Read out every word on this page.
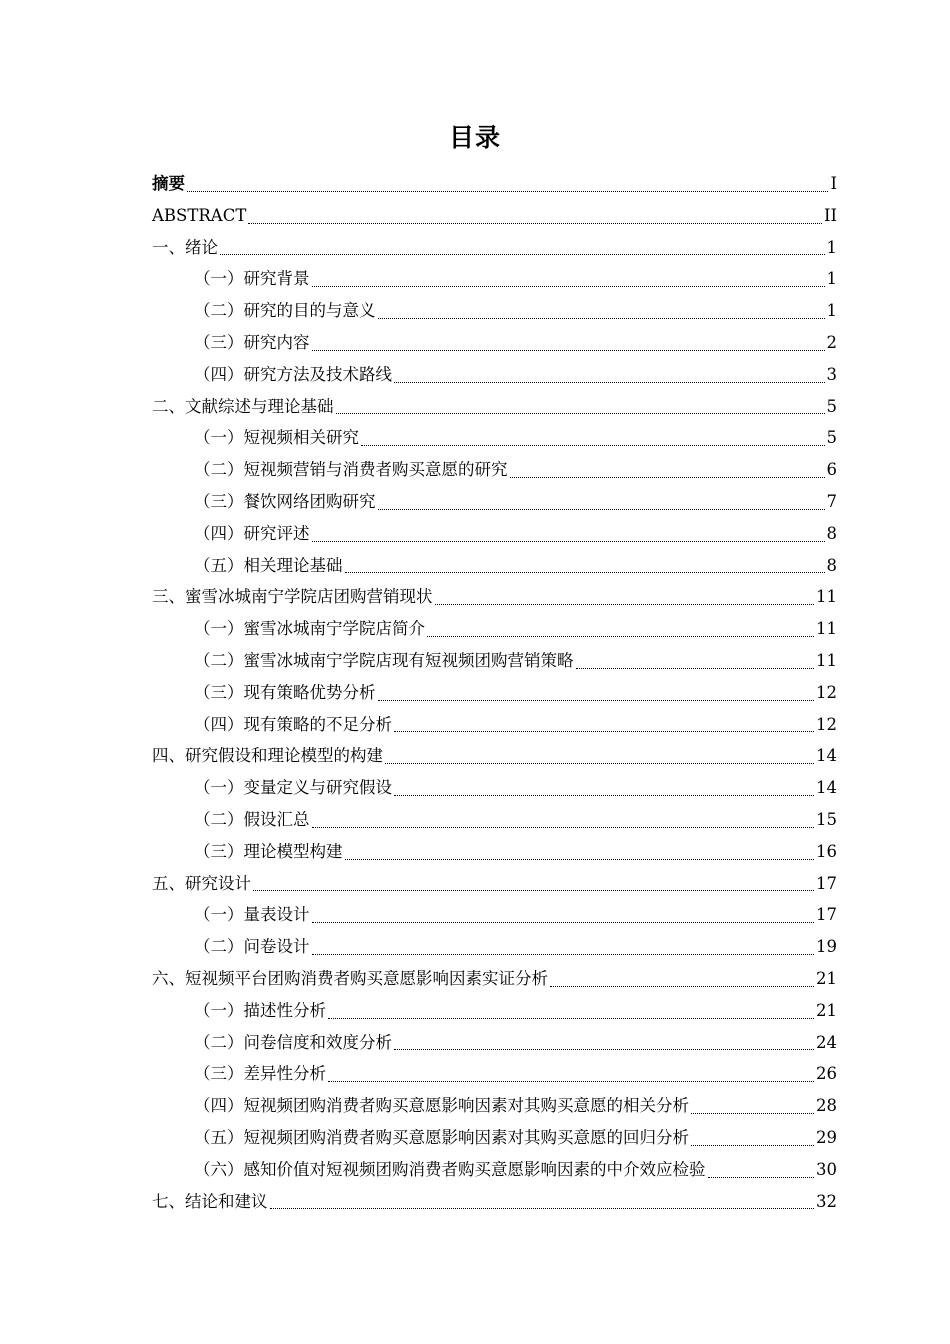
目录
摘要	I
ABSTRACT	II
一、绪论	1
（一）研究背景	1
（二）研究的目的与意义	1
（三）研究内容	2
（四）研究方法及技术路线	3
二、文献综述与理论基础	5
（一）短视频相关研究	5
（二）短视频营销与消费者购买意愿的研究	6
（三）餐饮网络团购研究	7
（四）研究评述	8
（五）相关理论基础	8
三、蜜雪冰城南宁学院店团购营销现状	11
（一）蜜雪冰城南宁学院店简介	11
（二）蜜雪冰城南宁学院店现有短视频团购营销策略	11
（三）现有策略优势分析	12
（四）现有策略的不足分析	12
四、研究假设和理论模型的构建	14
（一）变量定义与研究假设	14
（二）假设汇总	15
（三）理论模型构建	16
五、研究设计	17
（一）量表设计	17
（二）问卷设计	19
六、短视频平台团购消费者购买意愿影响因素实证分析	21
（一）描述性分析	21
（二）问卷信度和效度分析	24
（三）差异性分析	26
（四）短视频团购消费者购买意愿影响因素对其购买意愿的相关分析	28
（五）短视频团购消费者购买意愿影响因素对其购买意愿的回归分析	29
（六）感知价值对短视频团购消费者购买意愿影响因素的中介效应检验	30
七、结论和建议	32
